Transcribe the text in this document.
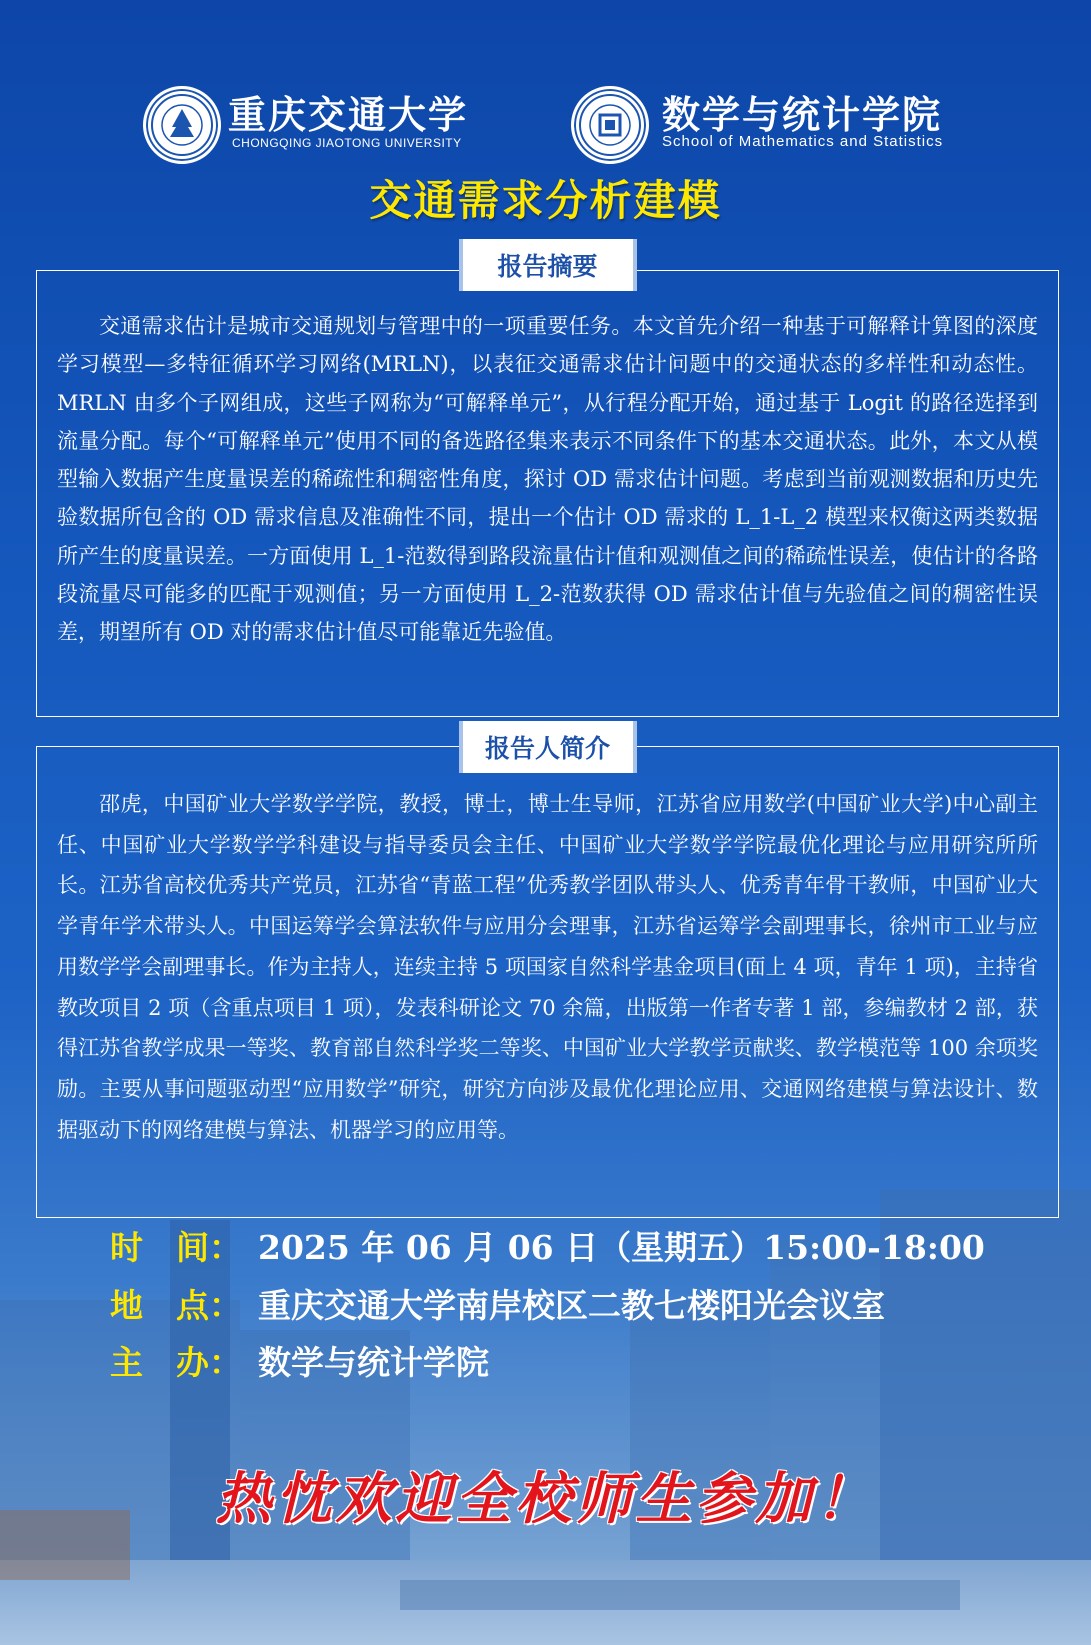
重庆交通大学
CHONGQING JIAOTONG UNIVERSITY
数学与统计学院
School of Mathematics and Statistics
交通需求分析建模
报告摘要
交通需求估计是城市交通规划与管理中的一项重要任务。本文首先介绍一种基于可解释计算图的深度学习模型—多特征循环学习网络(MRLN)，以表征交通需求估计问题中的交通状态的多样性和动态性。MRLN 由多个子网组成，这些子网称为“可解释单元”，从行程分配开始，通过基于 Logit 的路径选择到流量分配。每个“可解释单元”使用不同的备选路径集来表示不同条件下的基本交通状态。此外，本文从模型输入数据产生度量误差的稀疏性和稠密性角度，探讨 OD 需求估计问题。考虑到当前观测数据和历史先验数据所包含的 OD 需求信息及准确性不同，提出一个估计 OD 需求的 L_1-L_2 模型来权衡这两类数据所产生的度量误差。一方面使用 L_1-范数得到路段流量估计值和观测值之间的稀疏性误差，使估计的各路段流量尽可能多的匹配于观测值；另一方面使用 L_2-范数获得 OD 需求估计值与先验值之间的稠密性误差，期望所有 OD 对的需求估计值尽可能靠近先验值。
报告人简介
邵虎，中国矿业大学数学学院，教授，博士，博士生导师，江苏省应用数学(中国矿业大学)中心副主任、中国矿业大学数学学科建设与指导委员会主任、中国矿业大学数学学院最优化理论与应用研究所所长。江苏省高校优秀共产党员，江苏省“青蓝工程”优秀教学团队带头人、优秀青年骨干教师，中国矿业大学青年学术带头人。中国运筹学会算法软件与应用分会理事，江苏省运筹学会副理事长，徐州市工业与应用数学学会副理事长。作为主持人，连续主持 5 项国家自然科学基金项目(面上 4 项，青年 1 项)，主持省教改项目 2 项（含重点项目 1 项），发表科研论文 70 余篇，出版第一作者专著 1 部，参编教材 2 部，获得江苏省教学成果一等奖、教育部自然科学奖二等奖、中国矿业大学教学贡献奖、教学模范等 100 余项奖励。主要从事问题驱动型“应用数学”研究，研究方向涉及最优化理论应用、交通网络建模与算法设计、数据驱动下的网络建模与算法、机器学习的应用等。
时　间： 2025 年 06 月 06 日（星期五）15:00-18:00
地　点： 重庆交通大学南岸校区二教七楼阳光会议室
主　办： 数学与统计学院
热忱欢迎全校师生参加！
